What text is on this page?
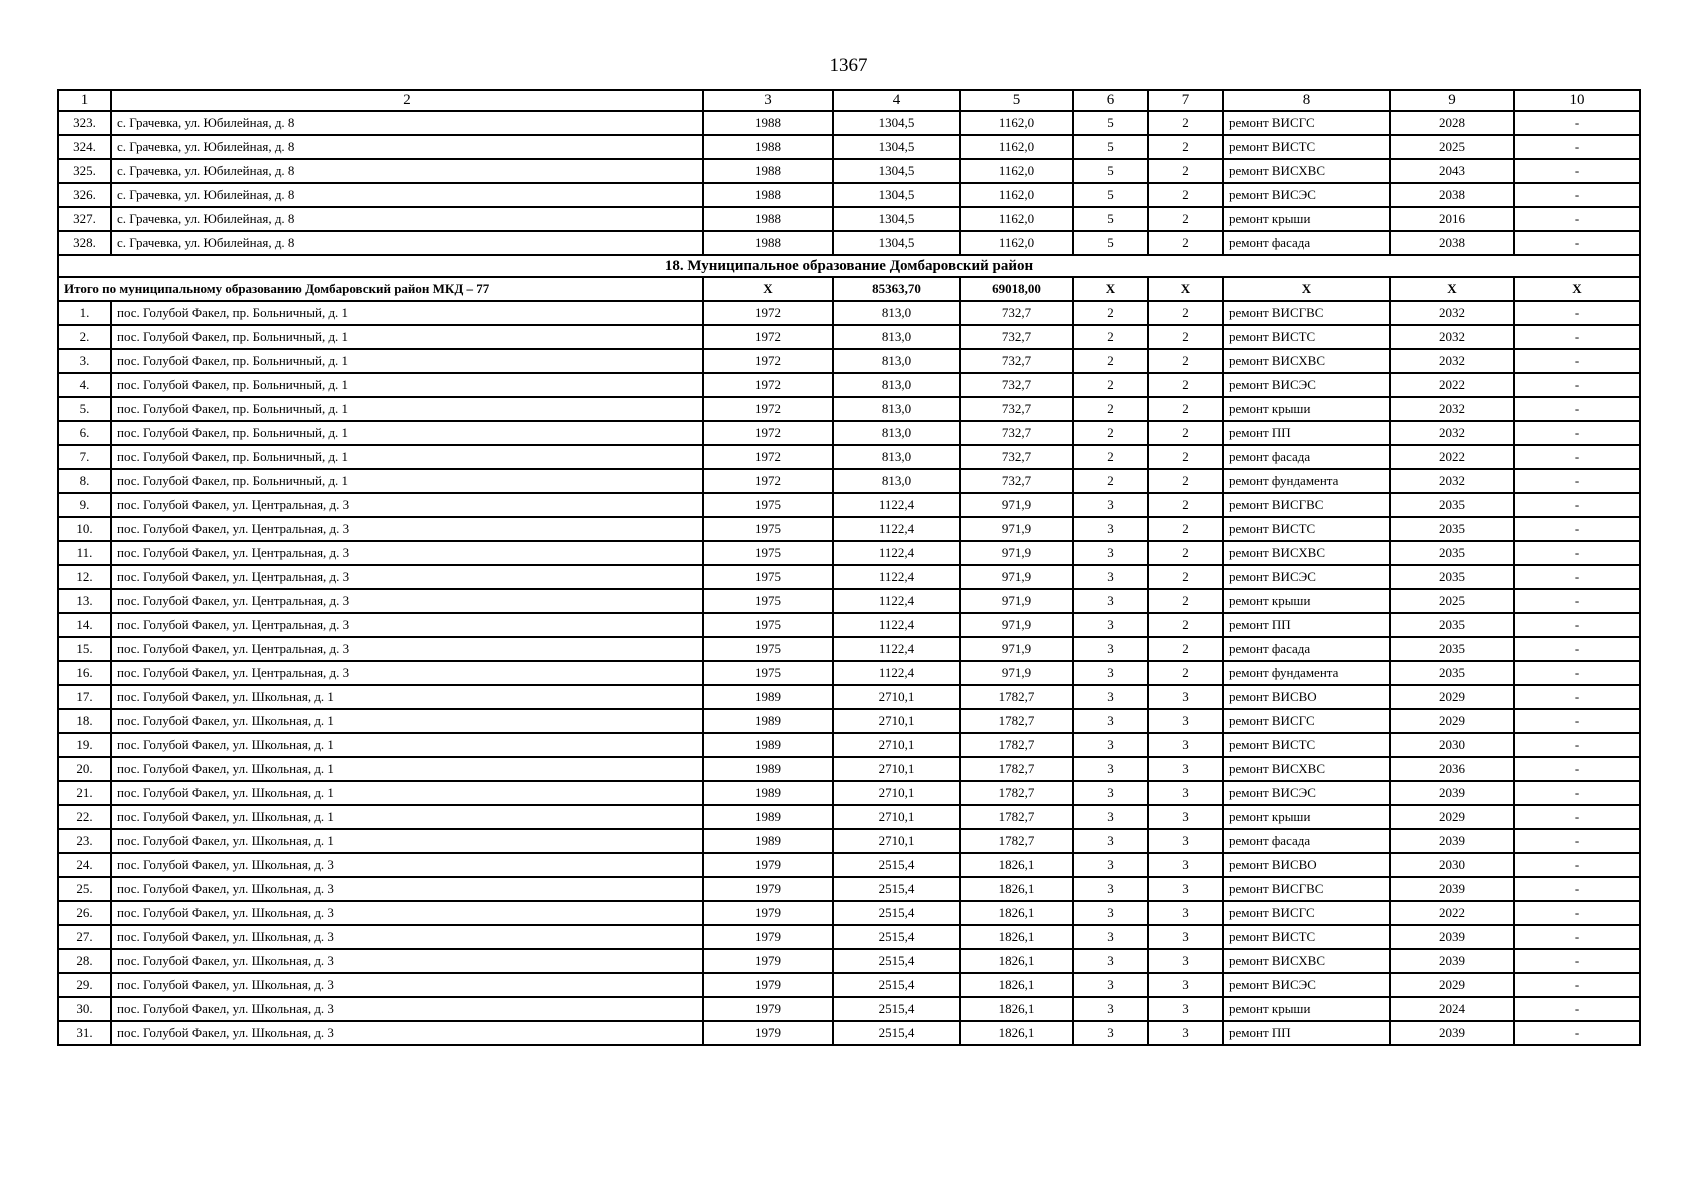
1367
1	2	3	4	5	6	7	8	9	10
323.	с. Грачевка, ул. Юбилейная, д. 8	1988	1304,5	1162,0	5	2	ремонт ВИСГС	2028	-
324.	с. Грачевка, ул. Юбилейная, д. 8	1988	1304,5	1162,0	5	2	ремонт ВИСТС	2025	-
325.	с. Грачевка, ул. Юбилейная, д. 8	1988	1304,5	1162,0	5	2	ремонт ВИСХВС	2043	-
326.	с. Грачевка, ул. Юбилейная, д. 8	1988	1304,5	1162,0	5	2	ремонт ВИСЭС	2038	-
327.	с. Грачевка, ул. Юбилейная, д. 8	1988	1304,5	1162,0	5	2	ремонт крыши	2016	-
328.	с. Грачевка, ул. Юбилейная, д. 8	1988	1304,5	1162,0	5	2	ремонт фасада	2038	-
18. Муниципальное образование Домбаровский район									
Итого по муниципальному образованию Домбаровский район МКД – 77		Х	85363,70	69018,00	Х	Х	Х	Х	Х
1.	пос. Голубой Факел, пр. Больничный, д. 1	1972	813,0	732,7	2	2	ремонт ВИСГВС	2032	-
2.	пос. Голубой Факел, пр. Больничный, д. 1	1972	813,0	732,7	2	2	ремонт ВИСТС	2032	-
3.	пос. Голубой Факел, пр. Больничный, д. 1	1972	813,0	732,7	2	2	ремонт ВИСХВС	2032	-
4.	пос. Голубой Факел, пр. Больничный, д. 1	1972	813,0	732,7	2	2	ремонт ВИСЭС	2022	-
5.	пос. Голубой Факел, пр. Больничный, д. 1	1972	813,0	732,7	2	2	ремонт крыши	2032	-
6.	пос. Голубой Факел, пр. Больничный, д. 1	1972	813,0	732,7	2	2	ремонт ПП	2032	-
7.	пос. Голубой Факел, пр. Больничный, д. 1	1972	813,0	732,7	2	2	ремонт фасада	2022	-
8.	пос. Голубой Факел, пр. Больничный, д. 1	1972	813,0	732,7	2	2	ремонт фундамента	2032	-
9.	пос. Голубой Факел, ул. Центральная, д. 3	1975	1122,4	971,9	3	2	ремонт ВИСГВС	2035	-
10.	пос. Голубой Факел, ул. Центральная, д. 3	1975	1122,4	971,9	3	2	ремонт ВИСТС	2035	-
11.	пос. Голубой Факел, ул. Центральная, д. 3	1975	1122,4	971,9	3	2	ремонт ВИСХВС	2035	-
12.	пос. Голубой Факел, ул. Центральная, д. 3	1975	1122,4	971,9	3	2	ремонт ВИСЭС	2035	-
13.	пос. Голубой Факел, ул. Центральная, д. 3	1975	1122,4	971,9	3	2	ремонт крыши	2025	-
14.	пос. Голубой Факел, ул. Центральная, д. 3	1975	1122,4	971,9	3	2	ремонт ПП	2035	-
15.	пос. Голубой Факел, ул. Центральная, д. 3	1975	1122,4	971,9	3	2	ремонт фасада	2035	-
16.	пос. Голубой Факел, ул. Центральная, д. 3	1975	1122,4	971,9	3	2	ремонт фундамента	2035	-
17.	пос. Голубой Факел, ул. Школьная, д. 1	1989	2710,1	1782,7	3	3	ремонт ВИСВО	2029	-
18.	пос. Голубой Факел, ул. Школьная, д. 1	1989	2710,1	1782,7	3	3	ремонт ВИСГС	2029	-
19.	пос. Голубой Факел, ул. Школьная, д. 1	1989	2710,1	1782,7	3	3	ремонт ВИСТС	2030	-
20.	пос. Голубой Факел, ул. Школьная, д. 1	1989	2710,1	1782,7	3	3	ремонт ВИСХВС	2036	-
21.	пос. Голубой Факел, ул. Школьная, д. 1	1989	2710,1	1782,7	3	3	ремонт ВИСЭС	2039	-
22.	пос. Голубой Факел, ул. Школьная, д. 1	1989	2710,1	1782,7	3	3	ремонт крыши	2029	-
23.	пос. Голубой Факел, ул. Школьная, д. 1	1989	2710,1	1782,7	3	3	ремонт фасада	2039	-
24.	пос. Голубой Факел, ул. Школьная, д. 3	1979	2515,4	1826,1	3	3	ремонт ВИСВО	2030	-
25.	пос. Голубой Факел, ул. Школьная, д. 3	1979	2515,4	1826,1	3	3	ремонт ВИСГВС	2039	-
26.	пос. Голубой Факел, ул. Школьная, д. 3	1979	2515,4	1826,1	3	3	ремонт ВИСГС	2022	-
27.	пос. Голубой Факел, ул. Школьная, д. 3	1979	2515,4	1826,1	3	3	ремонт ВИСТС	2039	-
28.	пос. Голубой Факел, ул. Школьная, д. 3	1979	2515,4	1826,1	3	3	ремонт ВИСХВС	2039	-
29.	пос. Голубой Факел, ул. Школьная, д. 3	1979	2515,4	1826,1	3	3	ремонт ВИСЭС	2029	-
30.	пос. Голубой Факел, ул. Школьная, д. 3	1979	2515,4	1826,1	3	3	ремонт крыши	2024	-
31.	пос. Голубой Факел, ул. Школьная, д. 3	1979	2515,4	1826,1	3	3	ремонт ПП	2039	-
